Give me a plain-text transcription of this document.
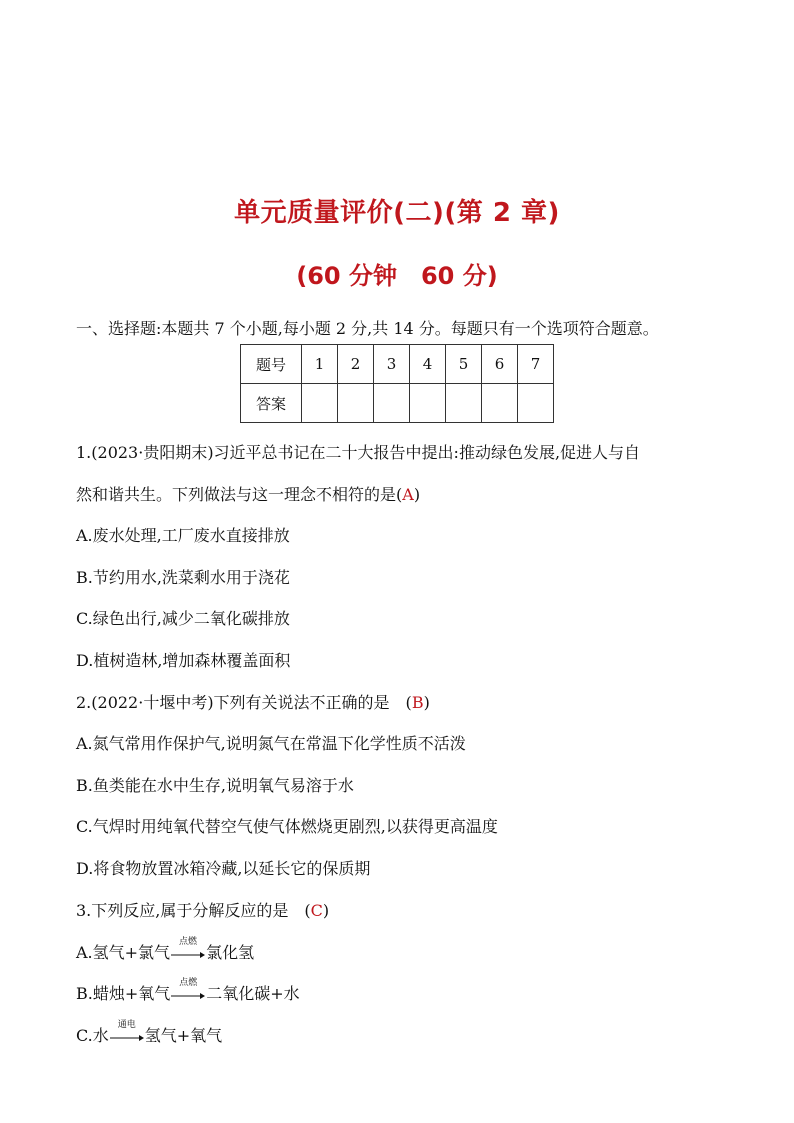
单元质量评价(二)(第 2 章)
(60 分钟　60 分)
一、选择题:本题共 7 个小题,每小题 2 分,共 14 分。每题只有一个选项符合题意。
题号	1	2	3	4	5	6	7
答案							
1.(2023·贵阳期末)习近平总书记在二十大报告中提出:推动绿色发展,促进人与自
然和谐共生。下列做法与这一理念不相符的是(A)
A.废水处理,工厂废水直接排放
B.节约用水,洗菜剩水用于浇花
C.绿色出行,减少二氧化碳排放
D.植树造林,增加森林覆盖面积
2.(2022·十堰中考)下列有关说法不正确的是　(B)
A.氮气常用作保护气,说明氮气在常温下化学性质不活泼
B.鱼类能在水中生存,说明氧气易溶于水
C.气焊时用纯氧代替空气使气体燃烧更剧烈,以获得更高温度
D.将食物放置冰箱冷藏,以延长它的保质期
3.下列反应,属于分解反应的是　(C)
A.氢气+氯气
点燃
氯化氢
B.蜡烛+氧气
点燃
二氧化碳+水
C.水
通电
氢气+氧气
